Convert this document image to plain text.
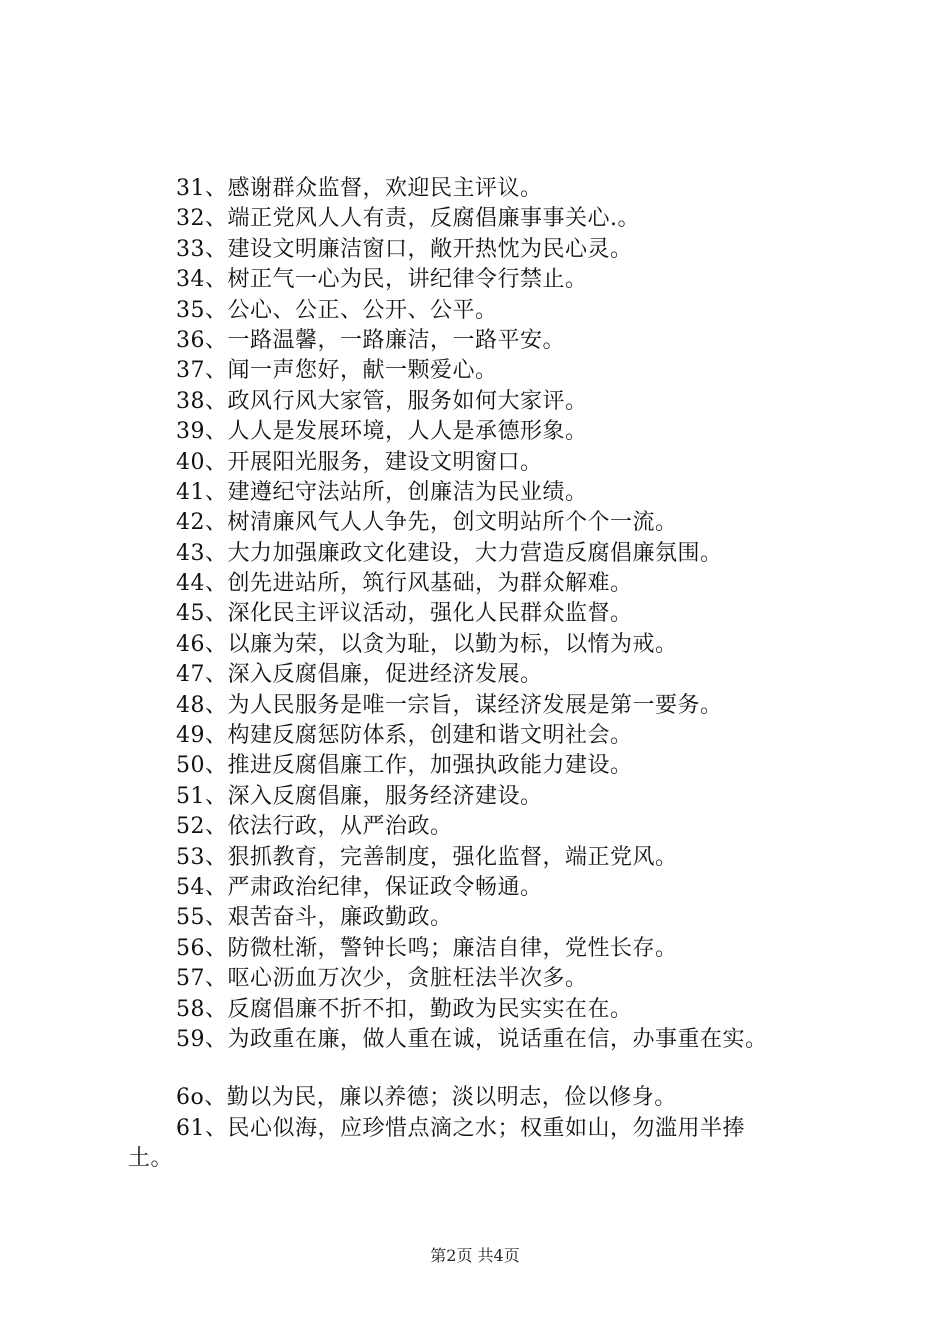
31、感谢群众监督，欢迎民主评议。
32、端正党风人人有责，反腐倡廉事事关心.。
33、建设文明廉洁窗口，敞开热忱为民心灵。
34、树正气一心为民，讲纪律令行禁止。
35、公心、公正、公开、公平。
36、一路温馨，一路廉洁，一路平安。
37、闻一声您好，献一颗爱心。
38、政风行风大家管，服务如何大家评。
39、人人是发展环境，人人是承德形象。
40、开展阳光服务，建设文明窗口。
41、建遵纪守法站所，创廉洁为民业绩。
42、树清廉风气人人争先，创文明站所个个一流。
43、大力加强廉政文化建设，大力营造反腐倡廉氛围。
44、创先进站所，筑行风基础，为群众解难。
45、深化民主评议活动，强化人民群众监督。
46、以廉为荣，以贪为耻，以勤为标，以惰为戒。
47、深入反腐倡廉，促进经济发展。
48、为人民服务是唯一宗旨，谋经济发展是第一要务。
49、构建反腐惩防体系，创建和谐文明社会。
50、推进反腐倡廉工作，加强执政能力建设。
51、深入反腐倡廉，服务经济建设。
52、依法行政，从严治政。
53、狠抓教育，完善制度，强化监督，端正党风。
54、严肃政治纪律，保证政令畅通。
55、艰苦奋斗，廉政勤政。
56、防微杜渐，警钟长鸣；廉洁自律，党性长存。
57、呕心沥血万次少，贪脏枉法半次多。
58、反腐倡廉不折不扣，勤政为民实实在在。
59、为政重在廉，做人重在诚，说话重在信，办事重在实。
6o、勤以为民，廉以养德；淡以明志，俭以修身。
61、民心似海，应珍惜点滴之水；权重如山，勿滥用半捧
土。
第2页 共4页
